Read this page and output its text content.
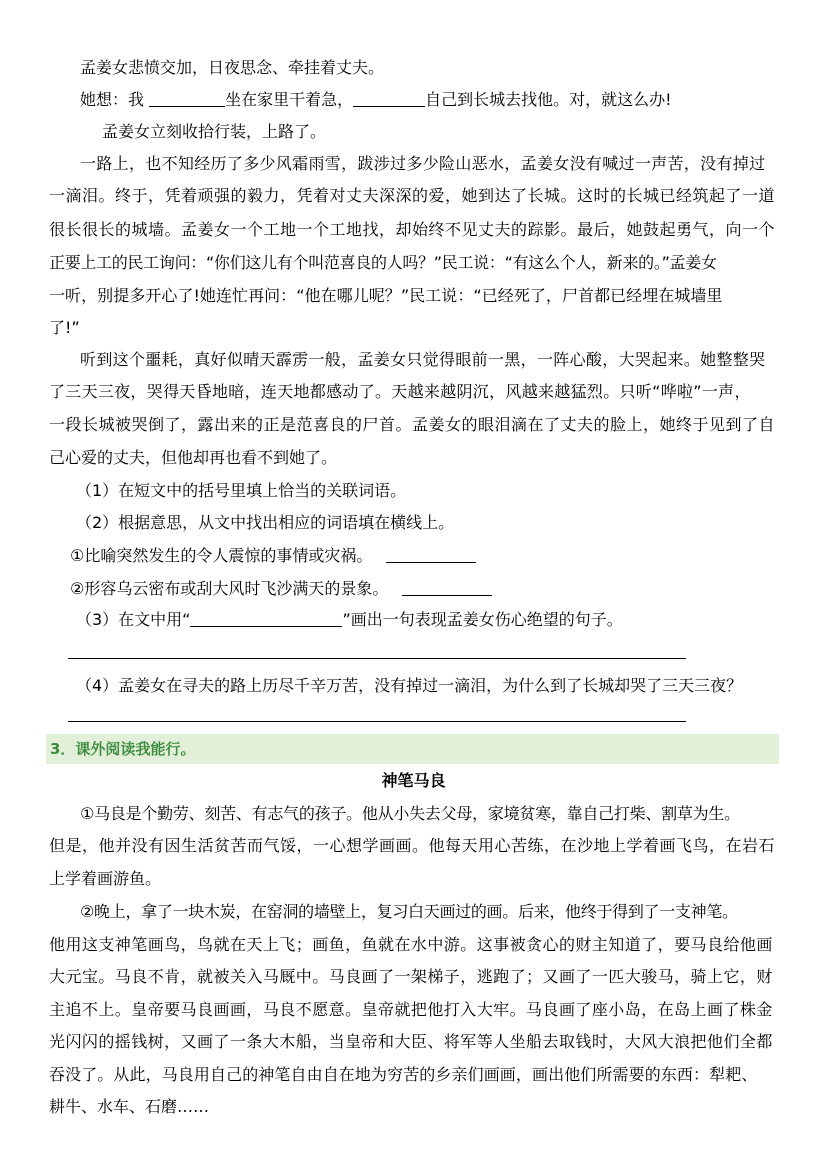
孟姜女悲愤交加，日夜思念、牵挂着丈夫。
她想：我	坐在家里干着急，	自己到长城去找他。对，就这么办!
孟姜女立刻收拾行装，上路了。
一路上，也不知经历了多少风霜雨雪，跋涉过多少险山恶水，孟姜女没有喊过一声苦，没有掉过
一滴泪。终于，凭着顽强的毅力，凭着对丈夫深深的爱，她到达了长城。这时的长城已经筑起了一道
很长很长的城墙。孟姜女一个工地一个工地找，却始终不见丈夫的踪影。最后，她鼓起勇气，向一个
正要上工的民工询问：“你们这儿有个叫范喜良的人吗？”民工说：“有这么个人，新来的。”孟姜女
一听，别提多开心了!她连忙再问：“他在哪儿呢？”民工说：“已经死了，尸首都已经埋在城墙里
了!”
听到这个噩耗，真好似晴天霹雳一般，孟姜女只觉得眼前一黑，一阵心酸，大哭起来。她整整哭
了三天三夜，哭得天昏地暗，连天地都感动了。天越来越阴沉，风越来越猛烈。只听“哗啦”一声，
一段长城被哭倒了，露出来的正是范喜良的尸首。孟姜女的眼泪滴在了丈夫的脸上，她终于见到了自
己心爱的丈夫，但他却再也看不到她了。
（1）在短文中的括号里填上恰当的关联词语。
（2）根据意思，从文中找出相应的词语填在横线上。
①比喻突然发生的令人震惊的事情或灾祸。
②形容乌云密布或刮大风时飞沙满天的景象。
（3）在文中用“	”画出一句表现孟姜女伤心绝望的句子。
（4）孟姜女在寻夫的路上历尽千辛万苦，没有掉过一滴泪，为什么到了长城却哭了三天三夜？
3．课外阅读我能行。
神笔马良
①马良是个勤劳、刻苦、有志气的孩子。他从小失去父母，家境贫寒，靠自己打柴、割草为生。
但是，他并没有因生活贫苦而气馁，一心想学画画。他每天用心苦练，在沙地上学着画飞鸟，在岩石
上学着画游鱼。
②晚上，拿了一块木炭，在窑洞的墙壁上，复习白天画过的画。后来，他终于得到了一支神笔。
他用这支神笔画鸟，鸟就在天上飞；画鱼，鱼就在水中游。这事被贪心的财主知道了，要马良给他画
大元宝。马良不肯，就被关入马厩中。马良画了一架梯子，逃跑了；又画了一匹大骏马，骑上它，财
主追不上。皇帝要马良画画，马良不愿意。皇帝就把他打入大牢。马良画了座小岛，在岛上画了株金
光闪闪的摇钱树，又画了一条大木船，当皇帝和大臣、将军等人坐船去取钱时，大风大浪把他们全都
吞没了。从此，马良用自己的神笔自由自在地为穷苦的乡亲们画画，画出他们所需要的东西：犁耙、
耕牛、水车、石磨……
